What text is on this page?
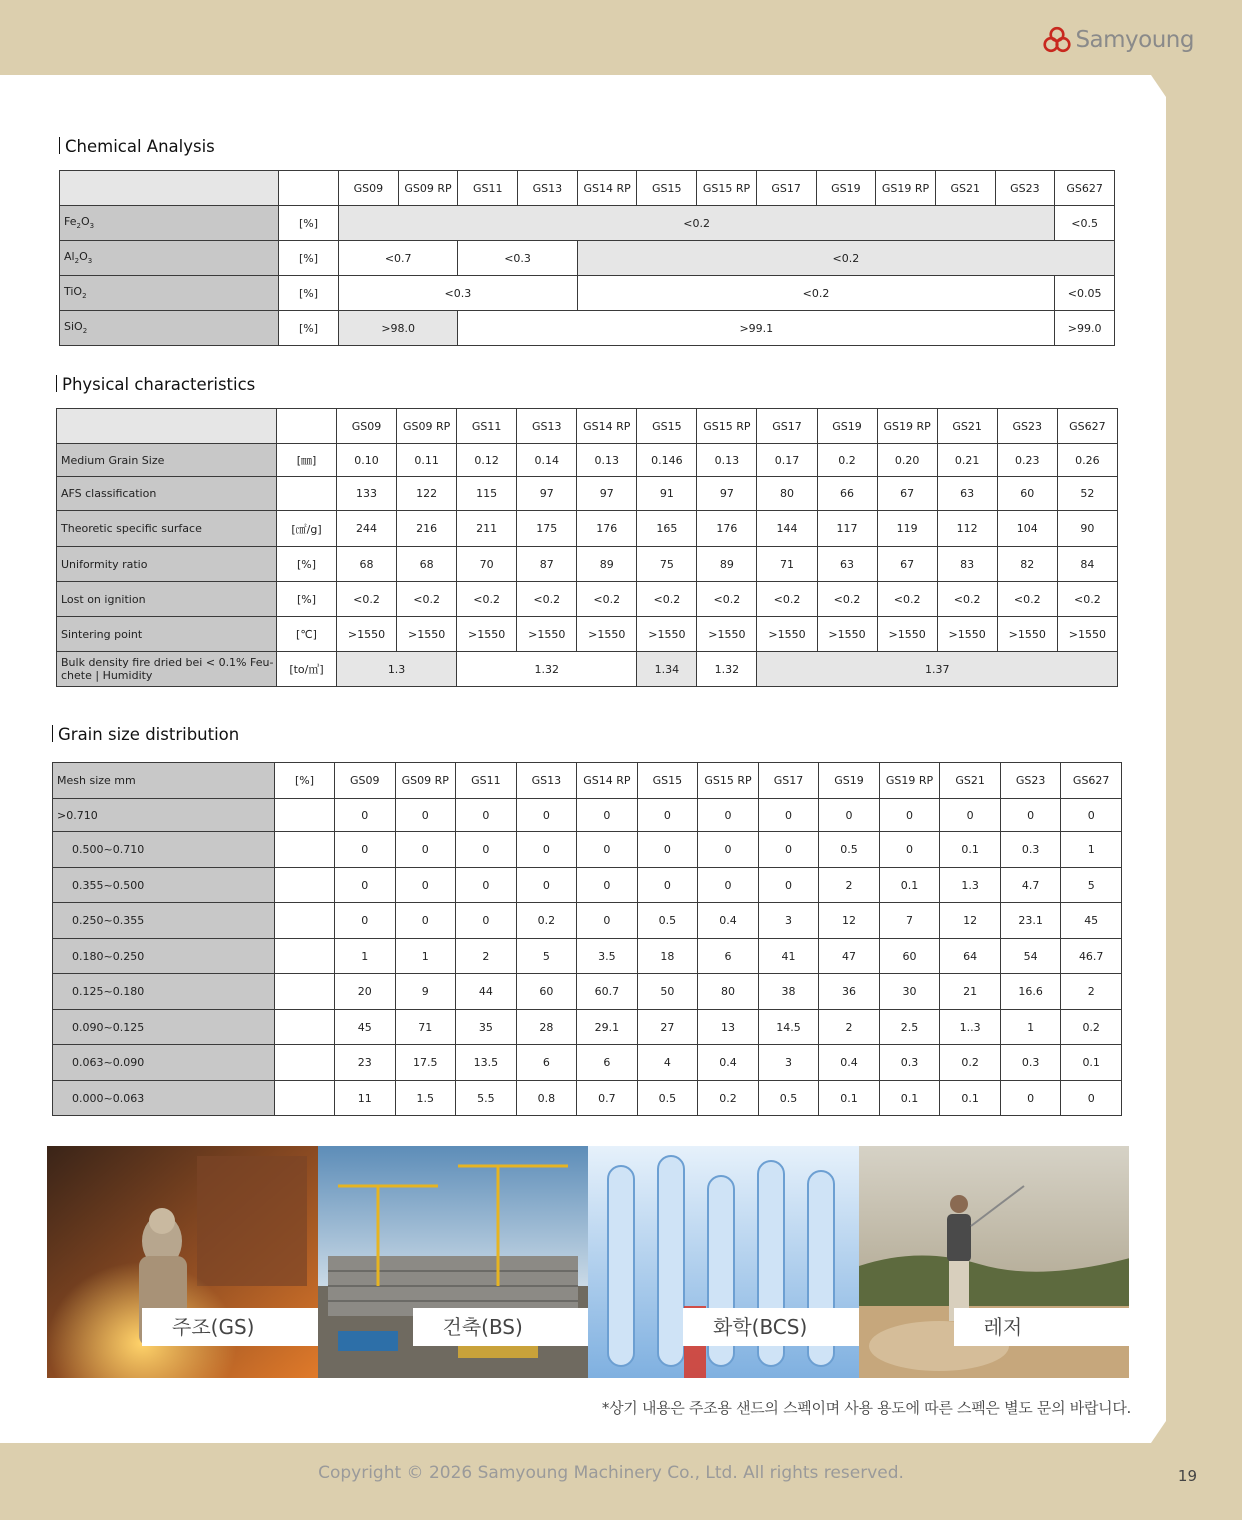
Samyoung
Chemical Analysis
		GS09	GS09 RP	GS11	GS13	GS14 RP	GS15	GS15 RP	GS17	GS19	GS19 RP	GS21	GS23	GS627
$Fe_2O_3$	[%]	<0.2												<0.5
$Al_2O_3$	[%]	<0.7		<0.3		<0.2								
TiO$_2$	[%]	<0.3				<0.2								<0.05
SiO$_2$	[%]	>98.0		>99.1										>99.0
Physical characteristics
		GS09	GS09 RP	GS11	GS13	GS14 RP	GS15	GS15 RP	GS17	GS19	GS19 RP	GS21	GS23	GS627
Medium Grain Size	[㎜]	0.10	0.11	0.12	0.14	0.13	0.146	0.13	0.17	0.2	0.20	0.21	0.23	0.26
AFS classification		133	122	115	97	97	91	97	80	66	67	63	60	52
Theoretic specific surface	[㎠/g]	244	216	211	175	176	165	176	144	117	119	112	104	90
Uniformity ratio	[%]	68	68	70	87	89	75	89	71	63	67	83	82	84
Lost on ignition	[%]	<0.2	<0.2	<0.2	<0.2	<0.2	<0.2	<0.2	<0.2	<0.2	<0.2	<0.2	<0.2	<0.2
Sintering point	[℃]	>1550	>1550	>1550	>1550	>1550	>1550	>1550	>1550	>1550	>1550	>1550	>1550	>1550
Bulk density fire dried bei < 0.1% Feu-chete | Humidity	[to/㎥]	1.3		1.32			1.34	1.32	1.37					
Grain size distribution
Mesh size mm	[%]	GS09	GS09 RP	GS11	GS13	GS14 RP	GS15	GS15 RP	GS17	GS19	GS19 RP	GS21	GS23	GS627
>0.710		0	0	0	0	0	0	0	0	0	0	0	0	0
0.500~0.710		0	0	0	0	0	0	0	0	0.5	0	0.1	0.3	1
0.355~0.500		0	0	0	0	0	0	0	0	2	0.1	1.3	4.7	5
0.250~0.355		0	0	0	0.2	0	0.5	0.4	3	12	7	12	23.1	45
0.180~0.250		1	1	2	5	3.5	18	6	41	47	60	64	54	46.7
0.125~0.180		20	9	44	60	60.7	50	80	38	36	30	21	16.6	2
0.090~0.125		45	71	35	28	29.1	27	13	14.5	2	2.5	1..3	1	0.2
0.063~0.090		23	17.5	13.5	6	6	4	0.4	3	0.4	0.3	0.2	0.3	0.1
0.000~0.063		11	1.5	5.5	0.8	0.7	0.5	0.2	0.5	0.1	0.1	0.1	0	0
주조(GS)	건축(BS)	화학(BCS)	레저
*상기 내용은 주조용 샌드의 스펙이며 사용 용도에 따른 스펙은 별도 문의 바랍니다.
Copyright © 2026 Samyoung Machinery Co., Ltd. All rights reserved.	19
